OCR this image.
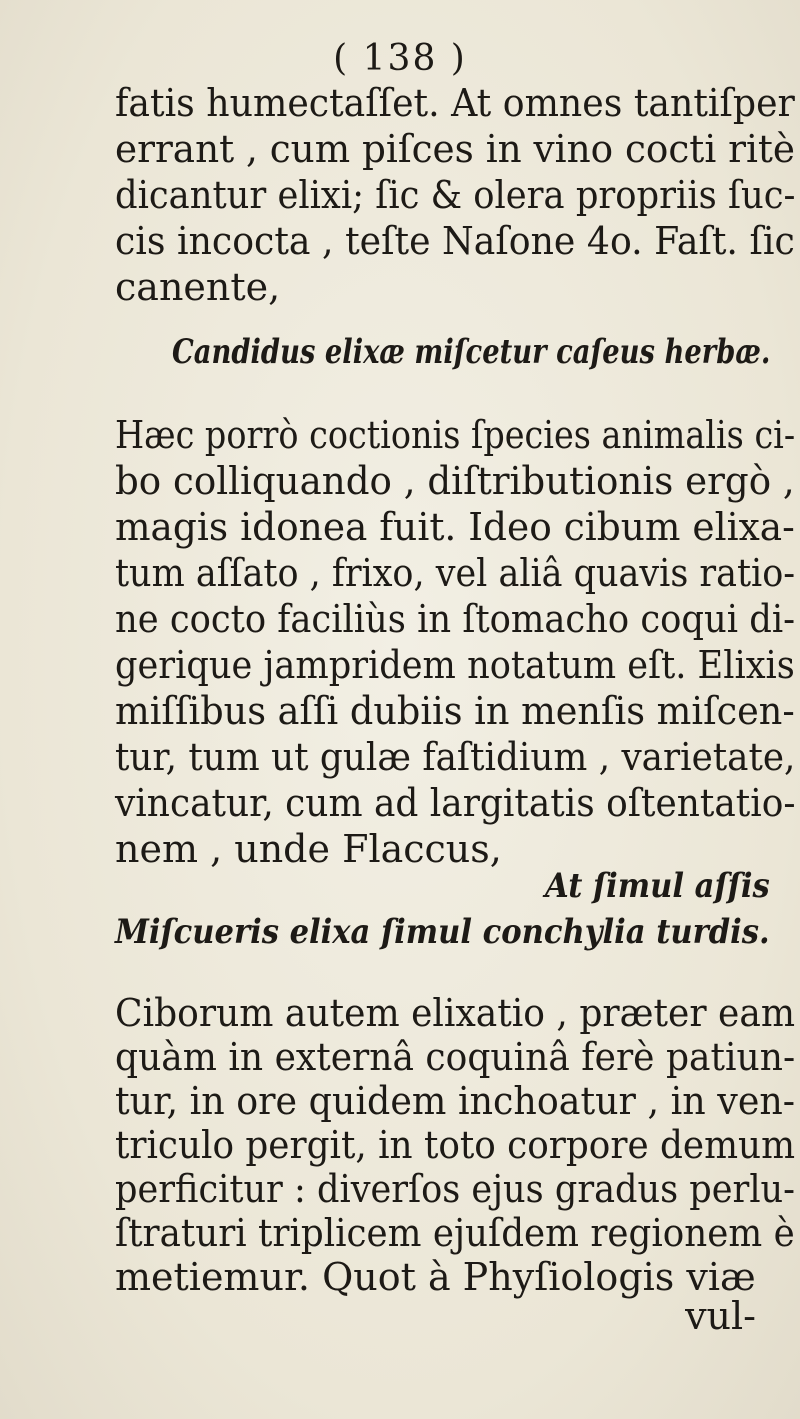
( 138 )
fatis humectaſſet. At omnes tantiſper
errant , cum piſces in vino cocti ritè
dicantur elixi; ſic & olera propriis ſuc-
cis incocta , teſte Naſone 4o. Faſt. ſic
canente,
Candidus elixæ miſcetur caſeus herbæ.
Hæc porrò coctionis ſpecies animalis ci-
bo colliquando , diſtributionis ergò ,
magis idonea fuit. Ideo cibum elixa-
tum aſſato , frixo, vel aliâ quavis ratio-
ne cocto faciliùs in ſtomacho coqui di-
gerique jampridem notatum eſt. Elixis
miſſibus aſſi dubiis in menſis miſcen-
tur, tum ut gulæ faſtidium , varietate,
vincatur, cum ad largitatis oſtentatio-
nem , unde Flaccus,
At ſimul aſſis
Miſcueris elixa ſimul conchylia turdis.
Ciborum autem elixatio , præter eam
quàm in externâ coquinâ ferè patiun-
tur, in ore quidem inchoatur , in ven-
triculo pergit, in toto corpore demum
perficitur : diverſos ejus gradus perlu-
ſtraturi triplicem ejuſdem regionem è
metiemur. Quot à Phyſiologis viæ
vul-
